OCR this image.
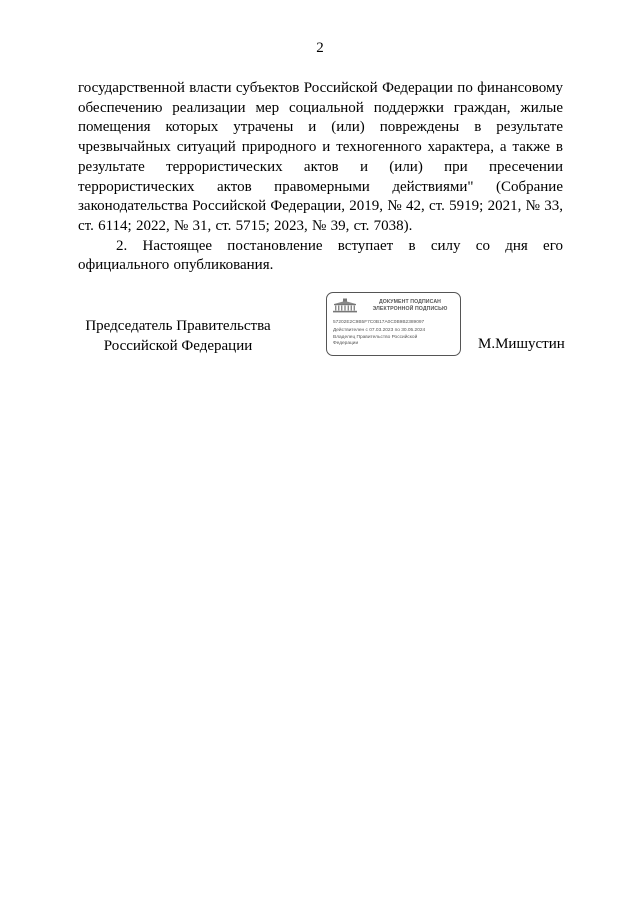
2

государственной власти субъектов Российской Федерации по финансовому обеспечению реализации мер социальной поддержки граждан, жилые помещения которых утрачены и (или) повреждены в результате чрезвычайных ситуаций природного и техногенного характера, а также в результате террористических актов и (или) при пресечении террористических актов правомерными действиями" (Собрание законодательства Российской Федерации, 2019, № 42, ст. 5919; 2021, № 33, ст. 6114; 2022, № 31, ст. 5715; 2023, № 39, ст. 7038).

2. Настоящее постановление вступает в силу со дня его официального опубликования.

Председатель Правительства
Российской Федерации
ДОКУМЕНТ ПОДПИСАН
ЭЛЕКТРОННОЙ ПОДПИСЬЮ
57202E2C9B5F7C0B17A0C0B9B2389097
Действителен с 07.03.2023 по 30.05.2024
Владелец Правительство Российской
Федерации	М.Мишустин
